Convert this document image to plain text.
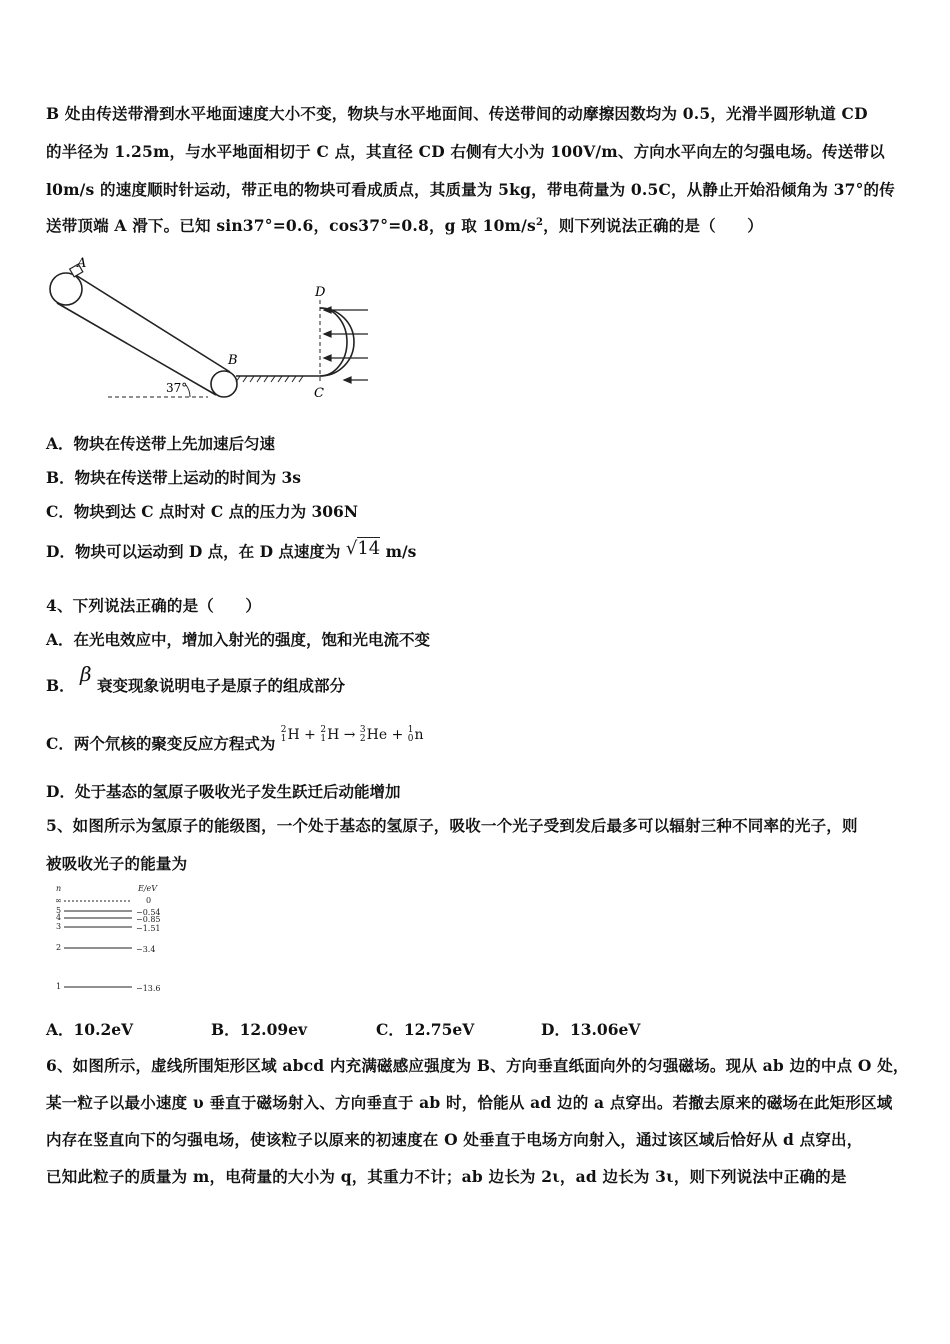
B 处由传送带滑到水平地面速度大小不变，物块与水平地面间、传送带间的动摩擦因数均为 0.5，光滑半圆形轨道 CD
的半径为 1.25m，与水平地面相切于 C 点，其直径 CD 右侧有大小为 100V/m、方向水平向左的匀强电场。传送带以
l0m/s 的速度顺时针运动，带正电的物块可看成质点，其质量为 5kg，带电荷量为 0.5C，从静止开始沿倾角为 37°的传
送带顶端 A 滑下。已知 sin37°=0.6，cos37°=0.8，g 取 $10m/s^2$，则下列说法正确的是（　　）
A
37°
B
D
C
A．物块在传送带上先加速后匀速
B．物块在传送带上运动的时间为 3s
C．物块到达 C 点时对 C 点的压力为 306N
D．物块可以运动到 D 点，在 D 点速度为 √14 m/s
4、下列说法正确的是（　　）
A．在光电效应中，增加入射光的强度，饱和光电流不变
B． β 衰变现象说明电子是原子的组成部分
C．两个氘核的聚变反应方程式为 2
1H + 2
1H → 3
2He + 1
0n
D．处于基态的氢原子吸收光子发生跃迁后动能增加
5、如图所示为氢原子的能级图，一个处于基态的氢原子，吸收一个光子受到发后最多可以辐射三种不同率的光子，则
被吸收光子的能量为
n	E/eV
∞	0
5	−0.54
4	−0.85
3	−1.51
2	−3.4
1	−13.6
A．10.2eV	B．12.09ev	C．12.75eV	D．13.06eV
6、如图所示，虚线所围矩形区域 abcd 内充满磁感应强度为 B、方向垂直纸面向外的匀强磁场。现从 ab 边的中点 O 处，
某一粒子以最小速度 υ 垂直于磁场射入、方向垂直于 ab 时，恰能从 ad 边的 a 点穿出。若撤去原来的磁场在此矩形区域
内存在竖直向下的匀强电场，使该粒子以原来的初速度在 O 处垂直于电场方向射入，通过该区域后恰好从 d 点穿出，
已知此粒子的质量为 m，电荷量的大小为 q，其重力不计；ab 边长为 2ι，ad 边长为 3ι，则下列说法中正确的是
